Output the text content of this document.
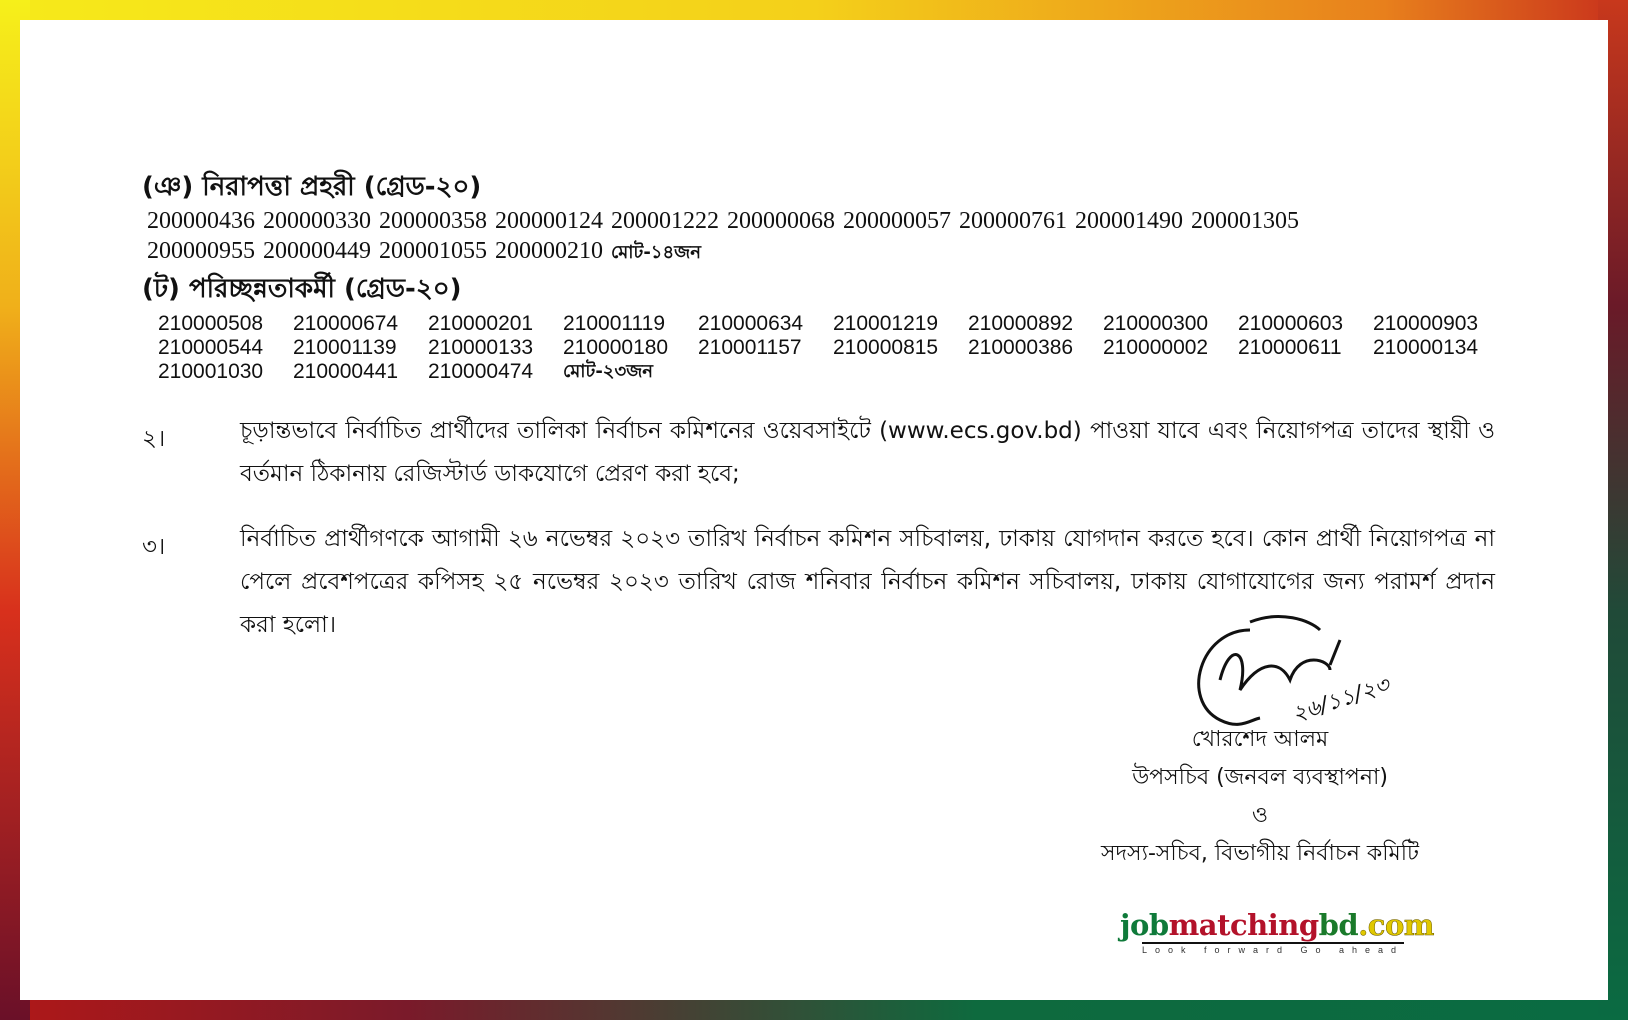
(ঞ) নিরাপত্তা প্রহরী (গ্রেড-২০)
200000436 200000330 200000358 200000124 200001222 200000068 200000057 200000761 200001490 200001305
200000955 200000449 200001055 200000210 মোট-১৪জন
(ট) পরিচ্ছন্নতাকর্মী (গ্রেড-২০)
210000508	210000674	210000201	210001119	210000634	210001219	210000892	210000300	210000603	210000903
210000544	210001139	210000133	210000180	210001157	210000815	210000386	210000002	210000611	210000134
210001030	210000441	210000474	মোট-২৩জন
২।	চূড়ান্তভাবে নির্বাচিত প্রার্থীদের তালিকা নির্বাচন কমিশনের ওয়েবসাইটে (www.ecs.gov.bd) পাওয়া যাবে এবং নিয়োগপত্র তাদের স্থায়ী ও বর্তমান ঠিকানায় রেজিস্টার্ড ডাকযোগে প্রেরণ করা হবে;
৩।	নির্বাচিত প্রার্থীগণকে আগামী ২৬ নভেম্বর ২০২৩ তারিখ নির্বাচন কমিশন সচিবালয়, ঢাকায় যোগদান করতে হবে। কোন প্রার্থী নিয়োগপত্র না পেলে প্রবেশপত্রের কপিসহ ২৫ নভেম্বর ২০২৩ তারিখ রোজ শনিবার নির্বাচন কমিশন সচিবালয়, ঢাকায় যোগাযোগের জন্য পরামর্শ প্রদান করা হলো।
২৬/১১/২৩
খোরশেদ আলম
উপসচিব (জনবল ব্যবস্থাপনা)
ও
সদস্য-সচিব, বিভাগীয় নির্বাচন কমিটি
jobmatchingbd.com
Look forward Go ahead
